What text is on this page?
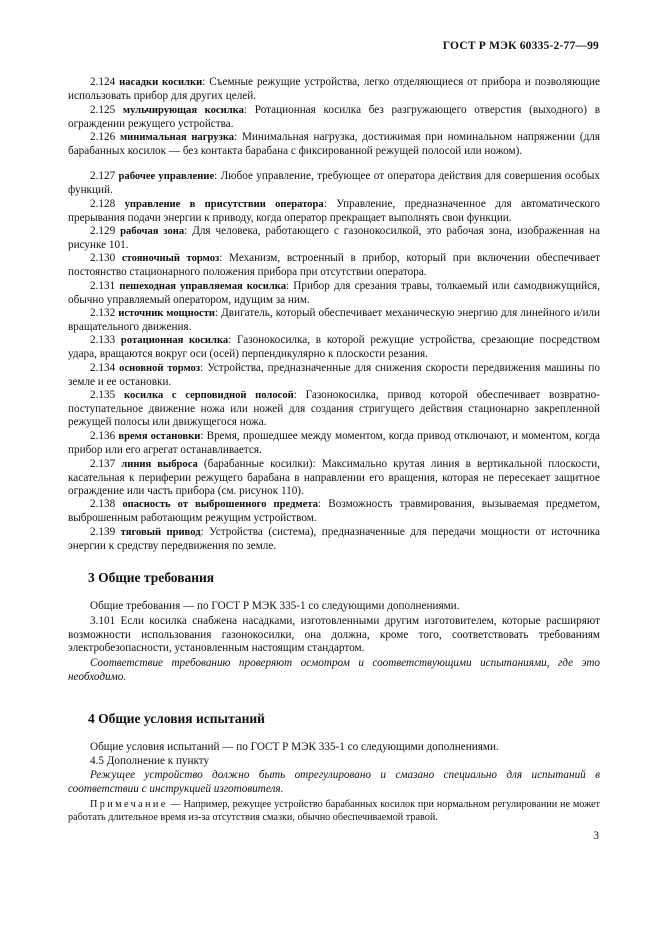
ГОСТ Р МЭК 60335-2-77—99
2.124 насадки косилки: Съемные режущие устройства, легко отделяющиеся от прибора и позволяющие использовать прибор для других целей.
2.125 мульчирующая косилка: Ротационная косилка без разгружающего отверстия (выходного) в ограждении режущего устройства.
2.126 минимальная нагрузка: Минимальная нагрузка, достижимая при номинальном напряжении (для барабанных косилок — без контакта барабана с фиксированной режущей полосой или ножом).
2.127 рабочее управление: Любое управление, требующее от оператора действия для совершения особых функций.
2.128 управление в присутствии оператора: Управление, предназначенное для автоматического прерывания подачи энергии к приводу, когда оператор прекращает выполнять свои функции.
2.129 рабочая зона: Для человека, работающего с газонокосилкой, это рабочая зона, изображенная на рисунке 101.
2.130 стояночный тормоз: Механизм, встроенный в прибор, который при включении обеспечивает постоянство стационарного положения прибора при отсутствии оператора.
2.131 пешеходная управляемая косилка: Прибор для срезания травы, толкаемый или самодвижущийся, обычно управляемый оператором, идущим за ним.
2.132 источник мощности: Двигатель, который обеспечивает механическую энергию для линейного и/или вращательного движения.
2.133 ротационная косилка: Газонокосилка, в которой режущие устройства, срезающие посредством удара, вращаются вокруг оси (осей) перпендикулярно к плоскости резания.
2.134 основной тормоз: Устройства, предназначенные для снижения скорости передвижения машины по земле и ее остановки.
2.135 косилка с серповидной полосой: Газонокосилка, привод которой обеспечивает возвратно-поступательное движение ножа или ножей для создания стригущего действия стационарно закрепленной режущей полосы или движущегося ножа.
2.136 время остановки: Время, прошедшее между моментом, когда привод отключают, и моментом, когда прибор или его агрегат останавливается.
2.137 линия выброса (барабанные косилки): Максимально крутая линия в вертикальной плоскости, касательная к периферии режущего барабана в направлении его вращения, которая не пересекает защитное ограждение или часть прибора (см. рисунок 110).
2.138 опасность от выброшенного предмета: Возможность травмирования, вызываемая предметом, выброшенным работающим режущим устройством.
2.139 тяговый привод: Устройства (система), предназначенные для передачи мощности от источника энергии к средству передвижения по земле.
3 Общие требования
Общие требования — по ГОСТ Р МЭК 335-1 со следующими дополнениями.
3.101 Если косилка снабжена насадками, изготовленными другим изготовителем, которые расширяют возможности использования газонокосилки, она должна, кроме того, соответствовать требованиям электробезопасности, установленным настоящим стандартом.
Соответствие требованию проверяют осмотром и соответствующими испытаниями, где это необходимо.
4 Общие условия испытаний
Общие условия испытаний — по ГОСТ Р МЭК 335-1 со следующими дополнениями.
4.5 Дополнение к пункту
Режущее устройство должно быть отрегулировано и смазано специально для испытаний в соответствии с инструкцией изготовителя.
Примечание — Например, режущее устройство барабанных косилок при нормальном регулировании не может работать длительное время из-за отсутствия смазки, обычно обеспечиваемой травой.
3
